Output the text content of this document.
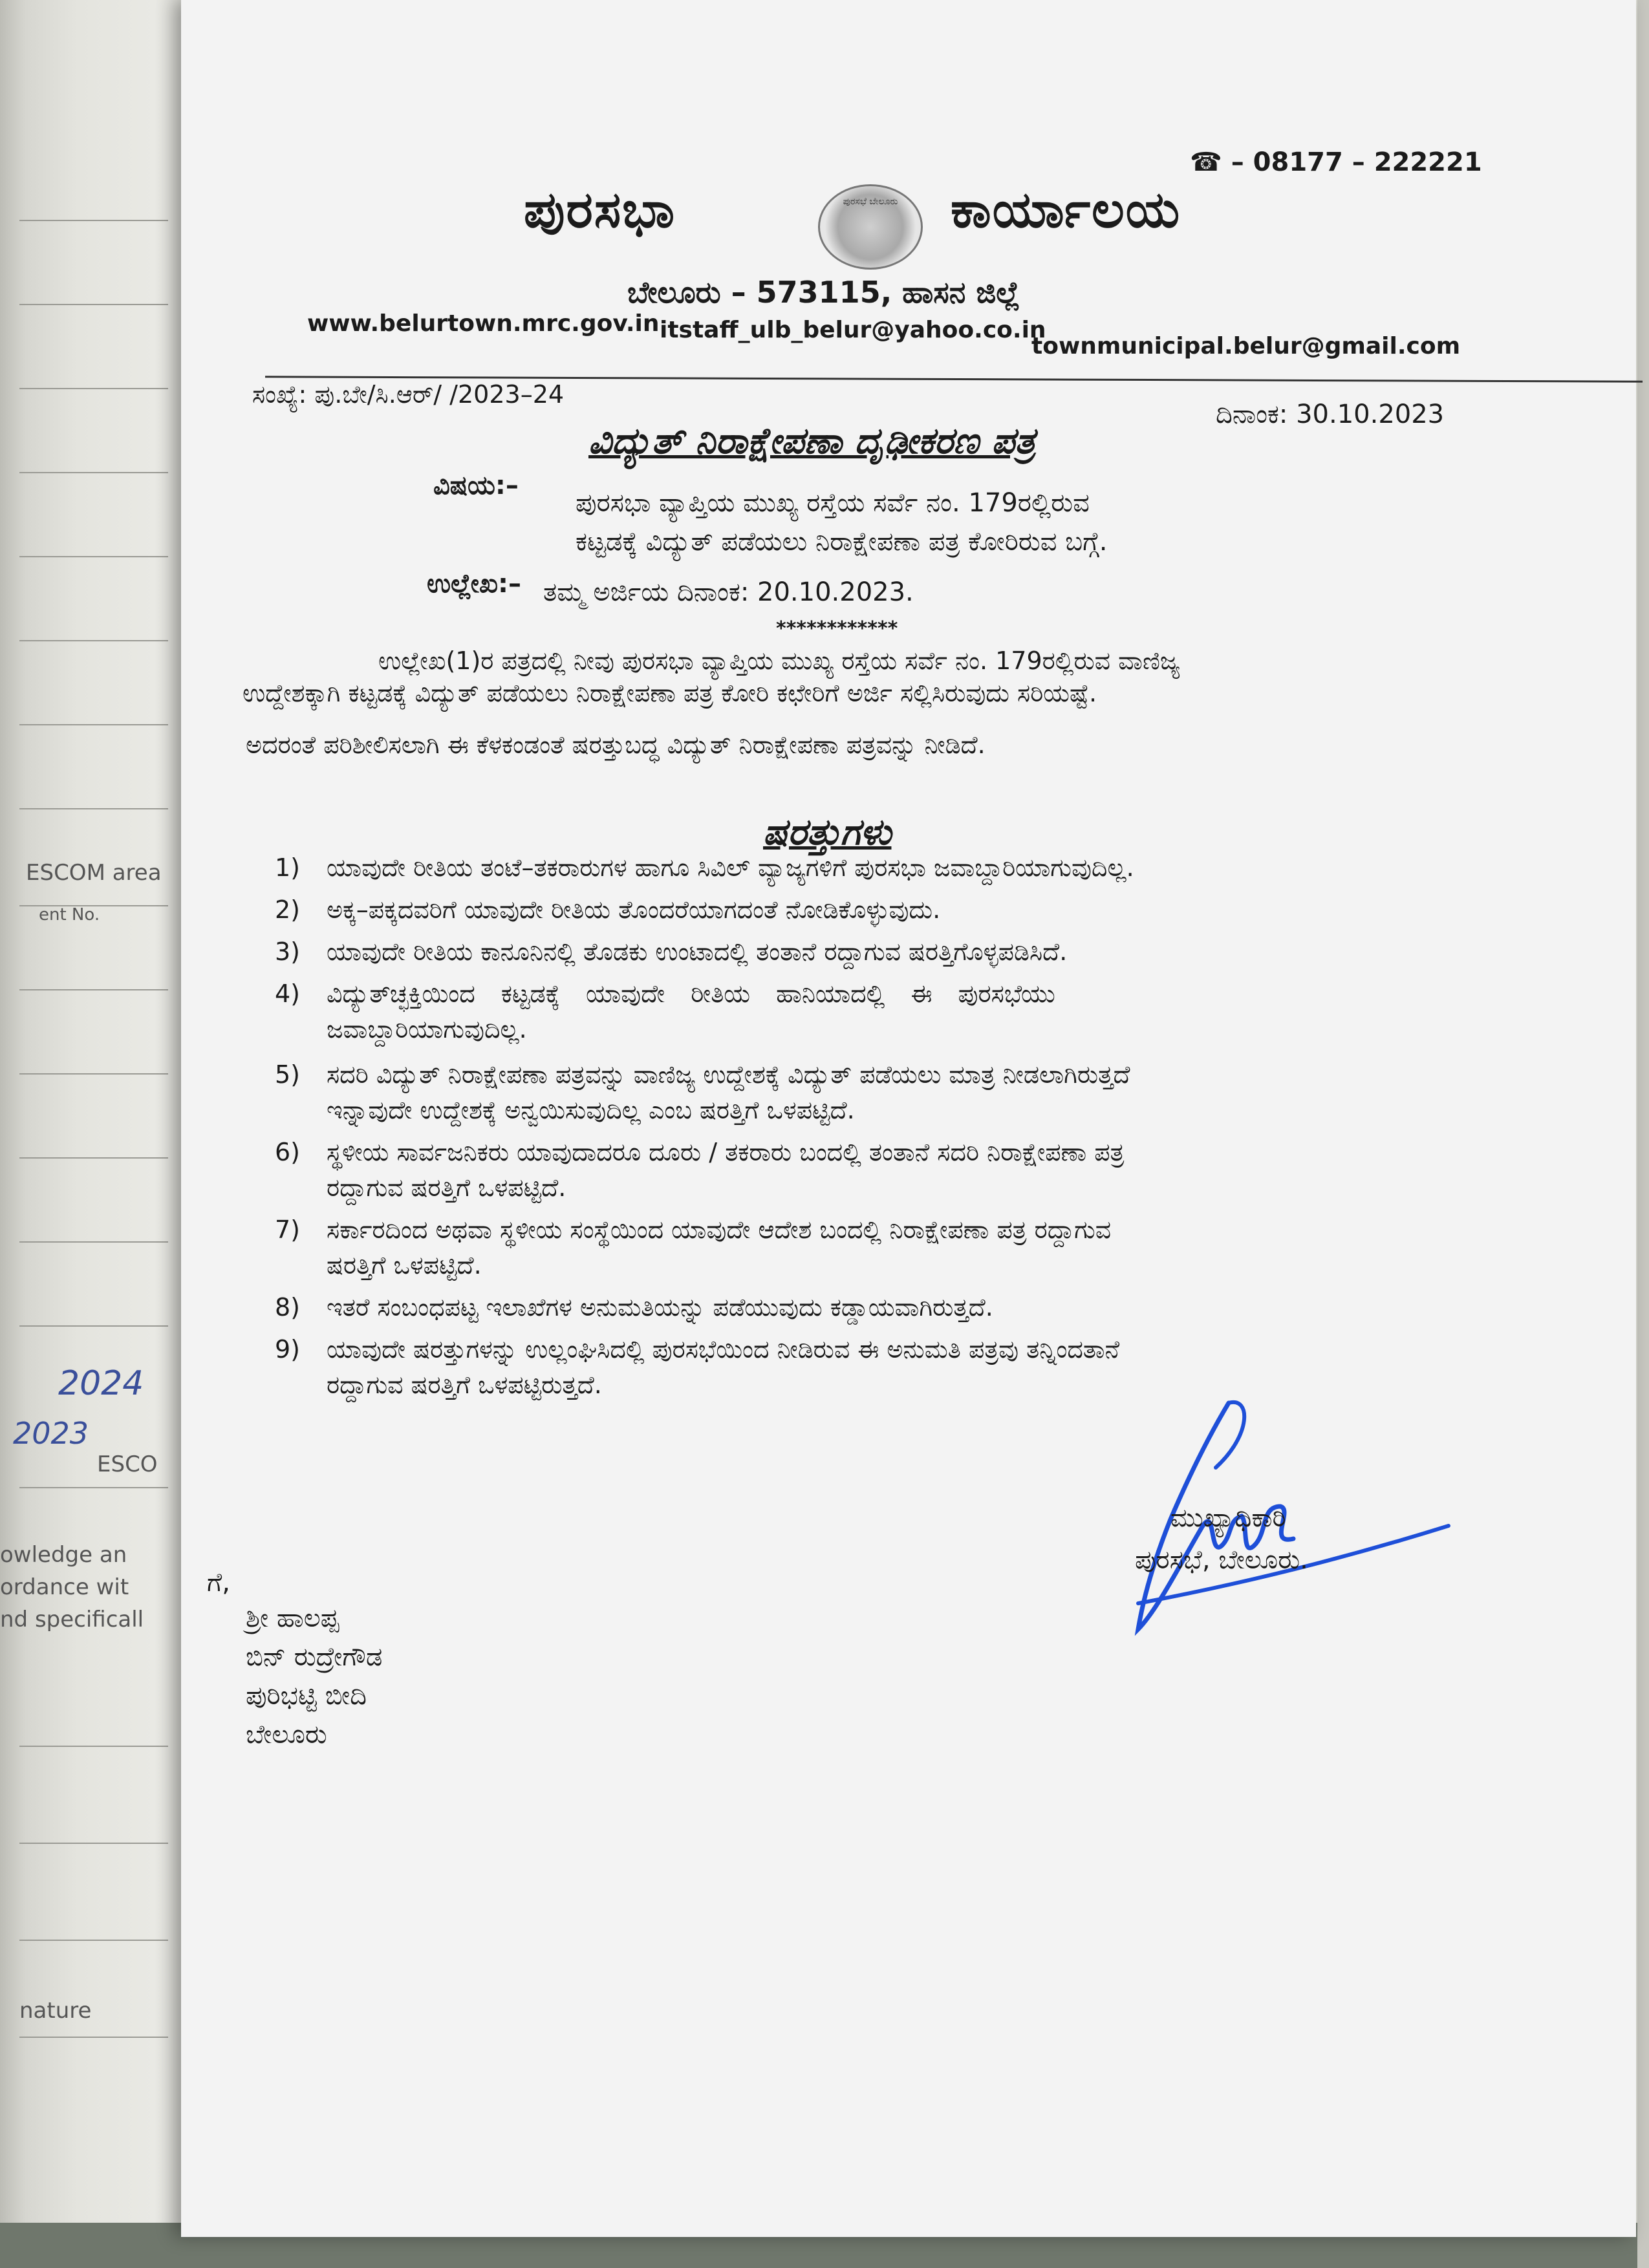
ESCOM area
ent No.
2024
2023
ESCO
owledge an
ordance wit
nd specificall
nature
☎ – 08177 – 222221
ಪುರಸಭಾ	ಪುರಸಭೆ ಬೇಲೂರು	ಕಾರ್ಯಾಲಯ
ಬೇಲೂರು – 573115, ಹಾಸನ ಜಿಲ್ಲೆ
www.belurtown.mrc.gov.in itstaff_ulb_belur@yahoo.co.in
townmunicipal.belur@gmail.com
ಸಂಖ್ಯೆ: ಪು.ಬೇ/ಸಿ.ಆರ್/ /2023–24
ದಿನಾಂಕ: 30.10.2023
ವಿದ್ಯುತ್ ನಿರಾಕ್ಷೇಪಣಾ ದೃಢೀಕರಣ ಪತ್ರ
ವಿಷಯ:–
ಪುರಸಭಾ ವ್ಯಾಪ್ತಿಯ ಮುಖ್ಯ ರಸ್ತೆಯ ಸರ್ವೆ ನಂ. 179ರಲ್ಲಿರುವ
ಕಟ್ಟಡಕ್ಕೆ ವಿದ್ಯುತ್ ಪಡೆಯಲು ನಿರಾಕ್ಷೇಪಣಾ ಪತ್ರ ಕೋರಿರುವ ಬಗ್ಗೆ.
ಉಲ್ಲೇಖ:– ತಮ್ಮ ಅರ್ಜಿಯ ದಿನಾಂಕ: 20.10.2023.
************
ಉಲ್ಲೇಖ(1)ರ ಪತ್ರದಲ್ಲಿ ನೀವು ಪುರಸಭಾ ವ್ಯಾಪ್ತಿಯ ಮುಖ್ಯ ರಸ್ತೆಯ ಸರ್ವೆ ನಂ. 179ರಲ್ಲಿರುವ ವಾಣಿಜ್ಯ
ಉದ್ದೇಶಕ್ಕಾಗಿ ಕಟ್ಟಡಕ್ಕೆ ವಿದ್ಯುತ್ ಪಡೆಯಲು ನಿರಾಕ್ಷೇಪಣಾ ಪತ್ರ ಕೋರಿ ಕಛೇರಿಗೆ ಅರ್ಜಿ ಸಲ್ಲಿಸಿರುವುದು ಸರಿಯಷ್ಟೆ.
ಅದರಂತೆ ಪರಿಶೀಲಿಸಲಾಗಿ ಈ ಕೆಳಕಂಡಂತೆ ಷರತ್ತುಬದ್ಧ ವಿದ್ಯುತ್ ನಿರಾಕ್ಷೇಪಣಾ ಪತ್ರವನ್ನು ನೀಡಿದೆ.
ಷರತ್ತುಗಳು
1) ಯಾವುದೇ ರೀತಿಯ ತಂಟೆ–ತಕರಾರುಗಳ ಹಾಗೂ ಸಿವಿಲ್ ವ್ಯಾಜ್ಯಗಳಿಗೆ ಪುರಸಭಾ ಜವಾಬ್ದಾರಿಯಾಗುವುದಿಲ್ಲ.
2) ಅಕ್ಕ–ಪಕ್ಕದವರಿಗೆ ಯಾವುದೇ ರೀತಿಯ ತೊಂದರೆಯಾಗದಂತೆ ನೋಡಿಕೊಳ್ಳುವುದು.
3) ಯಾವುದೇ ರೀತಿಯ ಕಾನೂನಿನಲ್ಲಿ ತೊಡಕು ಉಂಟಾದಲ್ಲಿ ತಂತಾನೆ ರದ್ದಾಗುವ ಷರತ್ತಿಗೊಳ್ಳಪಡಿಸಿದೆ.
4) ವಿದ್ಯುತ್‍ಚ್ಛಕ್ತಿಯಿಂದ ಕಟ್ಟಡಕ್ಕೆ ಯಾವುದೇ ರೀತಿಯ ಹಾನಿಯಾದಲ್ಲಿ ಈ ಪುರಸಭೆಯು
ಜವಾಬ್ದಾರಿಯಾಗುವುದಿಲ್ಲ.
5) ಸದರಿ ವಿದ್ಯುತ್ ನಿರಾಕ್ಷೇಪಣಾ ಪತ್ರವನ್ನು ವಾಣಿಜ್ಯ ಉದ್ದೇಶಕ್ಕೆ ವಿದ್ಯುತ್ ಪಡೆಯಲು ಮಾತ್ರ ನೀಡಲಾಗಿರುತ್ತದೆ
ಇನ್ನಾವುದೇ ಉದ್ದೇಶಕ್ಕೆ ಅನ್ವಯಿಸುವುದಿಲ್ಲ ಎಂಬ ಷರತ್ತಿಗೆ ಒಳಪಟ್ಟಿದೆ.
6) ಸ್ಥಳೀಯ ಸಾರ್ವಜನಿಕರು ಯಾವುದಾದರೂ ದೂರು / ತಕರಾರು ಬಂದಲ್ಲಿ ತಂತಾನೆ ಸದರಿ ನಿರಾಕ್ಷೇಪಣಾ ಪತ್ರ
ರದ್ದಾಗುವ ಷರತ್ತಿಗೆ ಒಳಪಟ್ಟಿದೆ.
7) ಸರ್ಕಾರದಿಂದ ಅಥವಾ ಸ್ಥಳೀಯ ಸಂಸ್ಥೆಯಿಂದ ಯಾವುದೇ ಆದೇಶ ಬಂದಲ್ಲಿ ನಿರಾಕ್ಷೇಪಣಾ ಪತ್ರ ರದ್ದಾಗುವ
ಷರತ್ತಿಗೆ ಒಳಪಟ್ಟಿದೆ.
8) ಇತರೆ ಸಂಬಂಧಪಟ್ಟ ಇಲಾಖೆಗಳ ಅನುಮತಿಯನ್ನು ಪಡೆಯುವುದು ಕಡ್ಡಾಯವಾಗಿರುತ್ತದೆ.
9) ಯಾವುದೇ ಷರತ್ತುಗಳನ್ನು ಉಲ್ಲಂಘಿಸಿದಲ್ಲಿ ಪುರಸಭೆಯಿಂದ ನೀಡಿರುವ ಈ ಅನುಮತಿ ಪತ್ರವು ತನ್ನಿಂದತಾನೆ
ರದ್ದಾಗುವ ಷರತ್ತಿಗೆ ಒಳಪಟ್ಟಿರುತ್ತದೆ.
ಮುಖ್ಯಾಧಿಕಾರಿ
ಪುರಸಭೆ, ಬೇಲೂರು.
ಗೆ,
ಶ್ರೀ ಹಾಲಪ್ಪ
ಬಿನ್ ರುದ್ರೇಗೌಡ
ಪುರಿಭಟ್ಟಿ ಬೀದಿ
ಬೇಲೂರು
